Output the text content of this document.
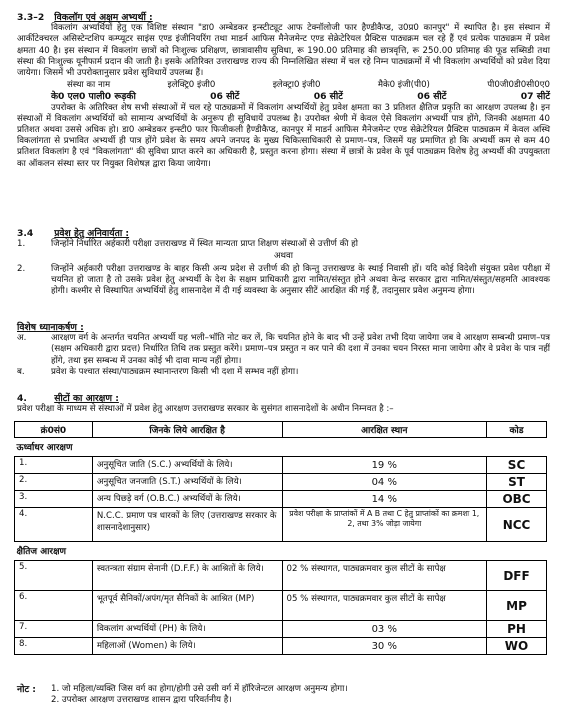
3.3–2 विकलॉग एवं अक्षम अभ्यर्थी :

विकलांग अभ्यर्थियों हेतु एक विशिष्ट संस्थान "डा0 अम्बेडकर इन्स्टीट्यूट आफ टेक्नॉलोजी फार हैण्डीकैप्ड, उ0प्र0 कानपुर" में स्थापित है। इस संस्थान में आर्कीटेक्चरल असिस्टेन्टशिप कम्प्यूटर साइंस एण्ड इंजीनियरिंग तथा माडर्न आफिस मैनेजमेन्ट एण्ड सेक्रेटेरियल प्रैक्टिस पाठ्यक्रम चल रहे हैं एवं प्रत्येक पाठ्यक्रम में प्रवेश क्षमता 40 है। इस संस्थान में विकलांग छात्रों को निःशुल्क प्रशिक्षण, छात्रावासीय सुविधा, रू 190.00 प्रतिमाह की छात्रवृत्ति, रू 250.00 प्रतिमाह की फूड सब्सिडी तथा संस्था की निःशुल्क यूनीफार्म प्रदान की जाती है। इसके अतिरिक्त उत्तराखण्ड राज्य की निम्नलिखित संस्था में चल रहे निम्न पाठ्यक्रमों में भी विकलांग अभ्यर्थियों को प्रवेश दिया जायेगा। जिसमें भी उपरोक्तानुसार प्रवेश सुविधायें उपलब्ध हैं।

संस्था का नाम	इलेक्ट्रि0 इंजी0	इलेक्ट्रा0 इंजी0	मैके0 इंजी(पी0)	पी0जी0डी0सी0ए0
के0 एल0 पाली0 रूड़की	06 सीटें	06 सीटें	06 सीटें	07 सीटें

उपरोक्त के अतिरिक्त शेष सभी संस्थाओं में चल रहे पाठ्यक्रमों में विकलांग अभ्यर्थियों हेतु प्रवेश क्षमता का 3 प्रतिशत क्षैतिज प्रकृति का आरक्षण उपलब्ध है। इन संस्थाओं में विकलांग अभ्यर्थियों को सामान्य अभ्यर्थियों के अनुरूप ही सुविधायें उपलब्ध है। उपरोक्त श्रेणी में केवल ऐसे विकलांग अभ्यर्थी पात्र होंगे, जिनकी अक्षमता 40 प्रतिशत अथवा उससे अधिक हो। डा0 अम्बेडकर इन्स्टी0 फार फिजीकली हैण्डीकैप्ड, कानपुर में माडर्न आफिस मैनेजमेन्ट एण्ड सेक्रेटेरियल प्रैक्टिस पाठ्यक्रम में केवल अस्थि विकलांगता से प्रभावित अभ्यर्थी ही पात्र होंगे प्रवेश के समय अपने जनपद के मुख्य चिकित्साधिकारी से प्रमाण–पत्र, जिसमें यह प्रमाणित हो कि अभ्यर्थी कम से कम 40 प्रतिशत विकलांग है एवं "विकलांगता" की सुविधा प्राप्त करने का अधिकारी है, प्रस्तुत करना होगा। संस्था में छात्रों के प्रवेश के पूर्व पाठ्यक्रम विशेष हेतु अभ्यर्थी की उपयुक्तता का ऑकलन संस्था स्तर पर नियुक्त विशेषज्ञ द्वारा किया जायेगा।

3.4 प्रवेश हेतु अनिवार्यता :
1.	जिन्होंने निर्धारित अर्हकारी परीक्षा उत्तराखण्ड में स्थित मान्यता प्राप्त शिक्षण संस्थाओं से उत्तीर्ण की हो

अथवा
2.	जिन्होंने अर्हकारी परीक्षा उत्तराखण्ड के बाहर किसी अन्य प्रदेश से उत्तीर्ण की हो किन्तु उत्तराखण्ड के स्थाई निवासी हों। यदि कोई विदेशी संयुक्त प्रवेश परीक्षा में चयनित हो जाता है तो उसके प्रवेश हेतु अभ्यर्थी के देश के सक्षम प्राधिकारी द्वारा नामित/संस्तुत होने अथवा केन्द्र सरकार द्वारा नामित/संस्तुत/सहमति आवश्यक होगी। कश्मीर से विस्थापित अभ्यर्थियों हेतु शासनादेश में दी गई व्यवस्था के अनुसार सीटें आरक्षित की गई हैं, तदानुसार प्रवेश अनुमन्य होगा।

विशेष ध्यानाकर्षण :
अ.	आरक्षण वर्ग के अन्तर्गत चयनित अभ्यर्थी यह भली–भॉति नोट कर लें, कि चयनित होने के बाद भी उन्हें प्रवेश तभी दिया जायेगा जब वे आरक्षण सम्बन्धी प्रमाण–पत्र (सक्षम अधिकारी द्वारा प्रदत्त) निर्धारित तिथि तक प्रस्तुत करेंगे। प्रमाण–पत्र प्रस्तुत न कर पाने की दशा में उनका चयन निरस्त माना जायेगा और वे प्रवेश के पात्र नहीं होंगे, तथा इस सम्बन्ध में उनका कोई भी दावा मान्य नहीं होगा।

ब.	प्रवेश के पश्चात संस्था/पाठ्यक्रम स्थानान्तरण किसी भी दशा में सम्भव नहीं होगा।

4.	सीटों का आरक्षण :

प्रवेश परीक्षा के माध्यम से संस्थाओं में प्रवेश हेतु आरक्षण उत्तराखण्ड सरकार के सुसंगत शासनादेशों के अधीन निम्नवत है :–

क्रं0सं0	जिनके लिये आरक्षित है	आरक्षित स्थान	कोड
ऊर्ध्वाधर आरक्षण			
1.	अनुसूचित जाति (S.C.) अभ्यर्थियों के लिये।	19 %	SC
2.	अनुसूचित जनजाति (S.T.) अभ्यर्थियों के लिये।	04 %	ST
3.	अन्य पिछड़े वर्ग (O.B.C.) अभ्यर्थियों के लिये।	14 %	OBC
4.	N.C.C. प्रमाण पत्र धारकों के लिए (उत्तराखण्ड सरकार के शासनादेशानुसार)	प्रवेश परीक्षा के प्राप्तांकों में A B तथा C हेतु प्राप्तांकों का क्रमशः 1, 2, तथा 3% जोड़ा जायेगा	NCC
क्षैतिज आरक्षण			
5.	स्वतन्त्रता संग्राम सेनानी (D.F.F.) के आश्रितों के लिये।	02 % संस्थागत, पाठ्यक्रमवार कुल सीटों के सापेक्ष	DFF
6.	भूतपूर्व सैनिकों/अपंग/मृत सैनिकों के आश्रित (MP)	05 % संस्थागत, पाठ्यक्रमवार कुल सीटों के सापेक्ष	MP
7.	विकलांग अभ्यर्थियों (PH) के लिये।	03 %	PH
8.	महिलाओं (Women) के लिये।	30 %	WO
नोट :	1. जो महिला/व्यक्ति जिस वर्ग का होगा/होगी उसे उसी वर्ग में हॉरिजेन्टल आरक्षण अनुमन्य होगा।
2. उपरोक्त आरक्षण उत्तराखण्ड शासन द्वारा परिवर्तनीय है।
